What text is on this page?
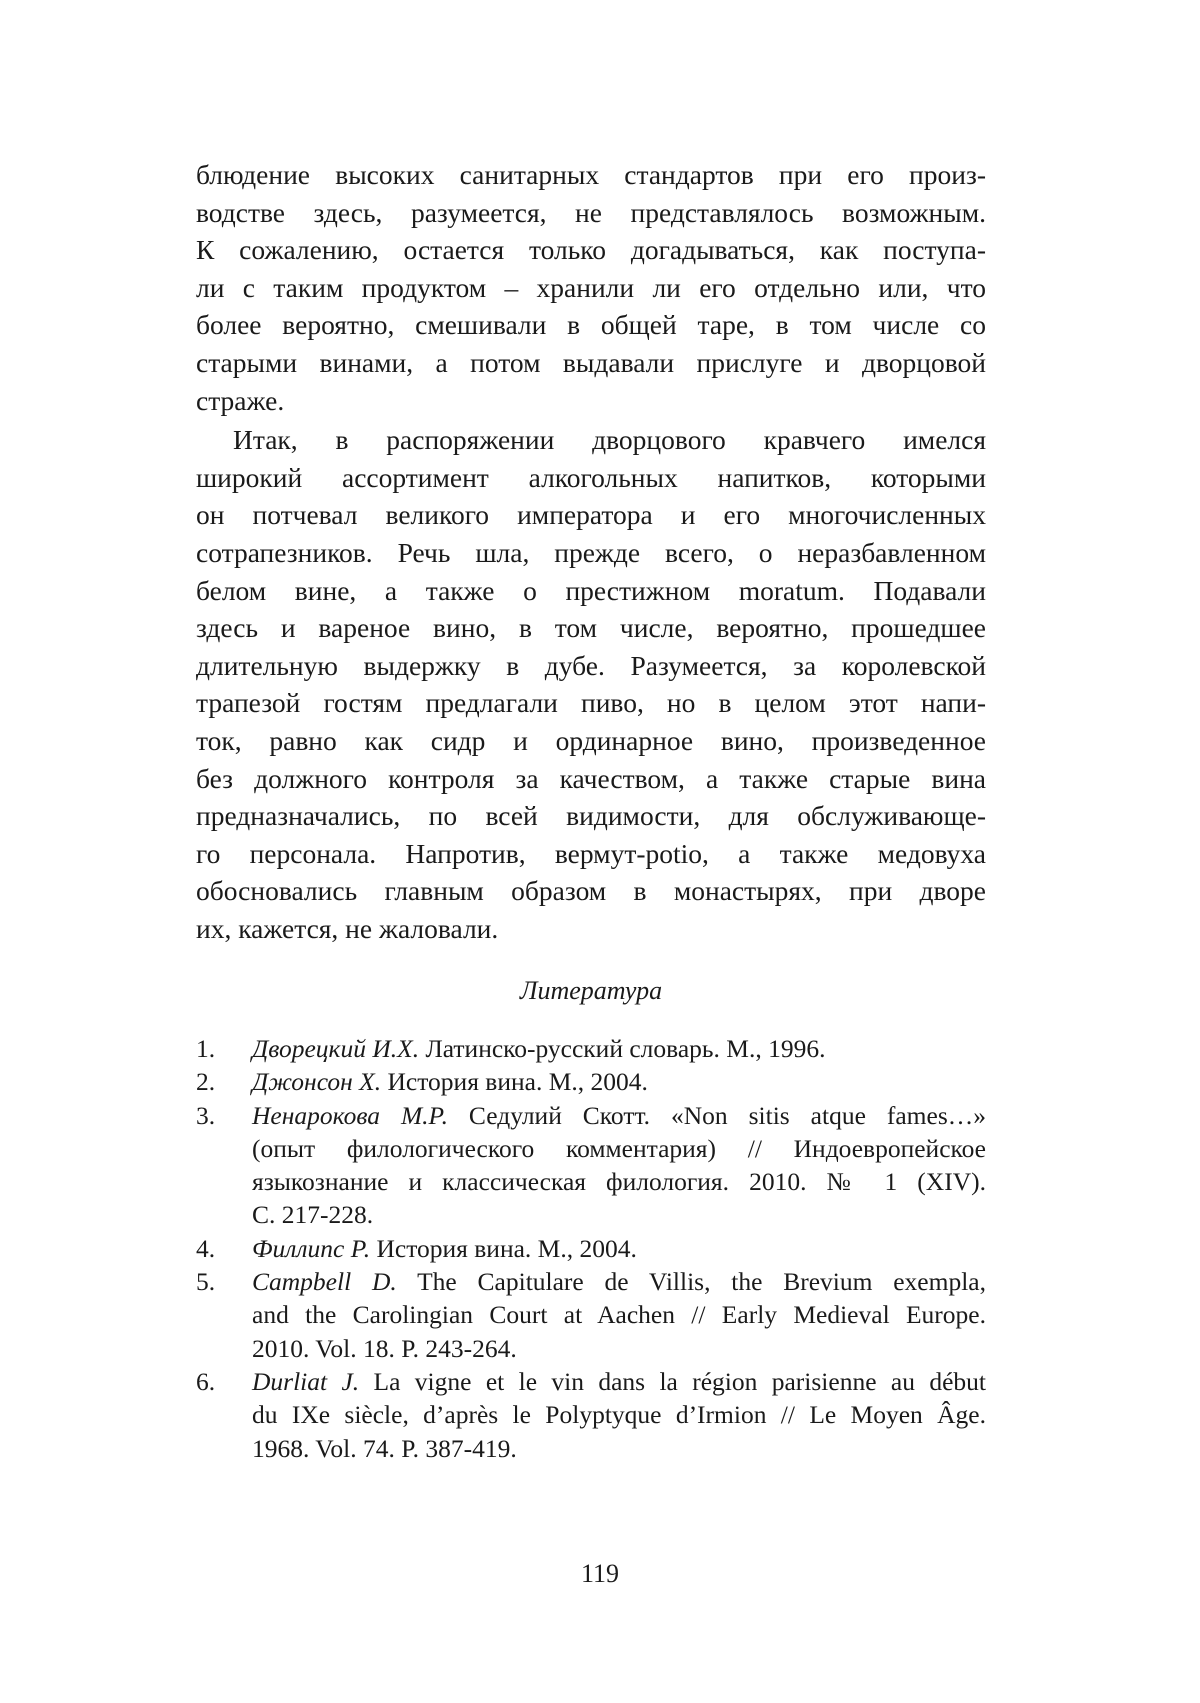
блюдение высоких санитарных стандартов при его произ-
водстве здесь, разумеется, не представлялось возможным.
К сожалению, остается только догадываться, как поступа-
ли с таким продуктом – хранили ли его отдельно или, что
более вероятно, смешивали в общей таре, в том числе со
старыми винами, а потом выдавали прислуге и дворцовой
страже.
Итак, в распоряжении дворцового кравчего имелся
широкий ассортимент алкогольных напитков, которыми
он потчевал великого императора и его многочисленных
сотрапезников. Речь шла, прежде всего, о неразбавленном
белом вине, а также о престижном moratum. Подавали
здесь и вареное вино, в том числе, вероятно, прошедшее
длительную выдержку в дубе. Разумеется, за королевской
трапезой гостям предлагали пиво, но в целом этот напи-
ток, равно как сидр и ординарное вино, произведенное
без должного контроля за качеством, а также старые вина
предназначались, по всей видимости, для обслуживающе-
го персонала. Напротив, вермут-potio, а также медовуха
обосновались главным образом в монастырях, при дворе
их, кажется, не жаловали.
Литература
1. Дворецкий И.Х. Латинско-русский словарь. М., 1996.
2. Джонсон Х. История вина. М., 2004.
3. Ненарокова М.Р. Седулий Скотт. «Non sitis atque fames…»
(опыт филологического комментария) // Индоевропейское
языкознание и классическая филология. 2010. № 1 (XIV).
С. 217-228.
4. Филлипс Р. История вина. М., 2004.
5. Campbell D. The Capitulare de Villis, the Brevium exempla,
and the Carolingian Court at Aachen // Early Medieval Europe.
2010. Vol. 18. P. 243-264.
6. Durliat J. La vigne et le vin dans la région parisienne au début
du IXe siècle, d’après le Polyptyque d’Irmion // Le Moyen Âge.
1968. Vol. 74. P. 387-419.
119
